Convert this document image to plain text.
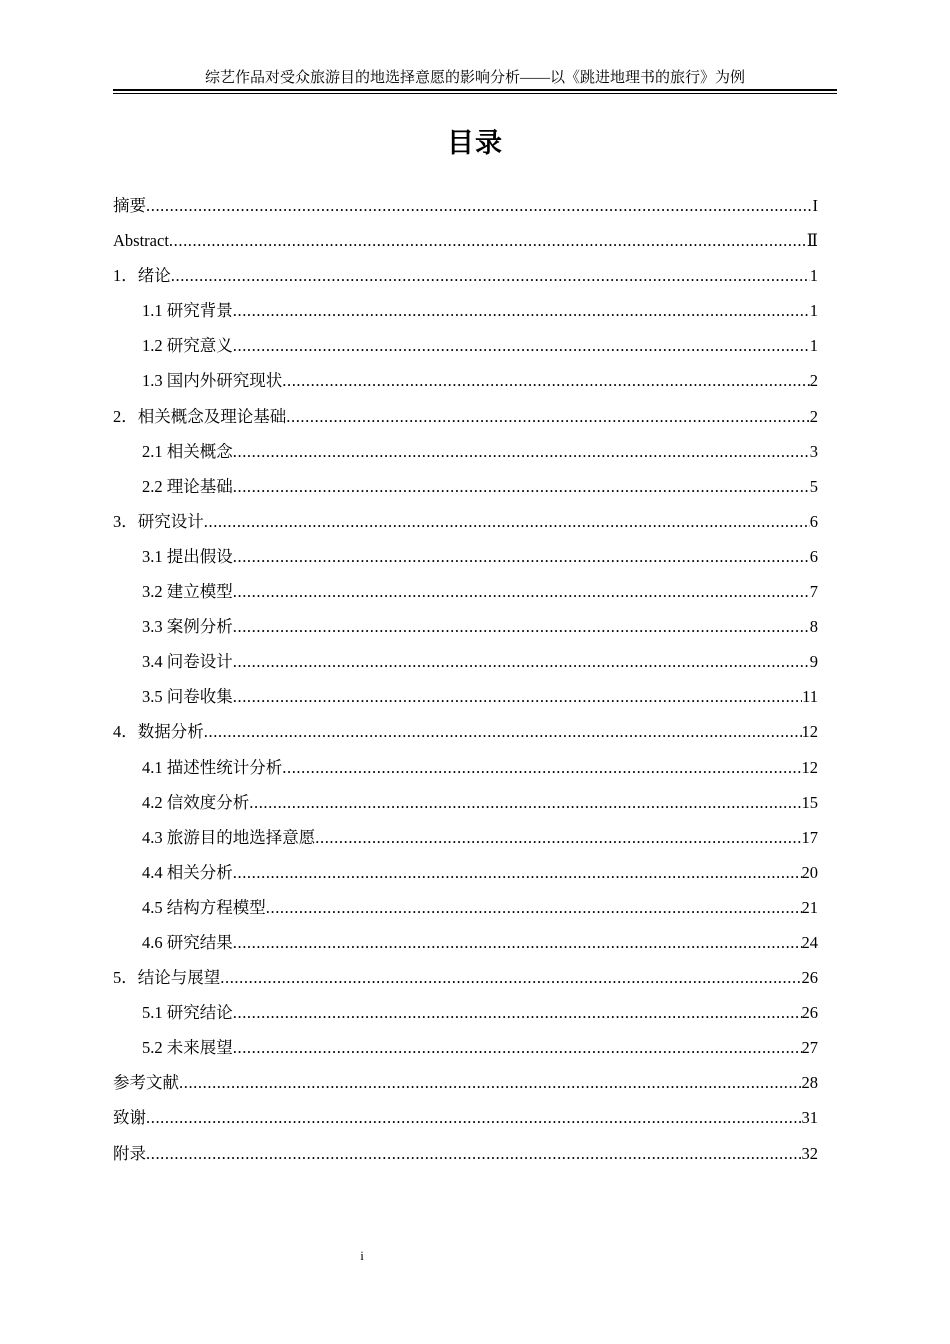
综艺作品对受众旅游目的地选择意愿的影响分析——以《跳进地理书的旅行》为例
目录
摘要 .....	I
Abstract .....	Ⅱ
1．绪论 .....	1
1.1 研究背景 .....	1
1.2 研究意义 .....	1
1.3 国内外研究现状 .....	2
2．相关概念及理论基础 .....	2
2.1 相关概念 .....	3
2.2 理论基础 .....	5
3．研究设计 .....	6
3.1 提出假设 .....	6
3.2 建立模型 .....	7
3.3 案例分析 .....	8
3.4 问卷设计 .....	9
3.5 问卷收集 .....	11
4．数据分析 .....	12
4.1 描述性统计分析 .....	12
4.2 信效度分析 .....	15
4.3 旅游目的地选择意愿 .....	17
4.4 相关分析 .....	20
4.5 结构方程模型 .....	21
4.6 研究结果 .....	24
5．结论与展望 .....	26
5.1 研究结论 .....	26
5.2 未来展望 .....	27
参考文献 .....	28
致谢 .....	31
附录 .....	32
i
